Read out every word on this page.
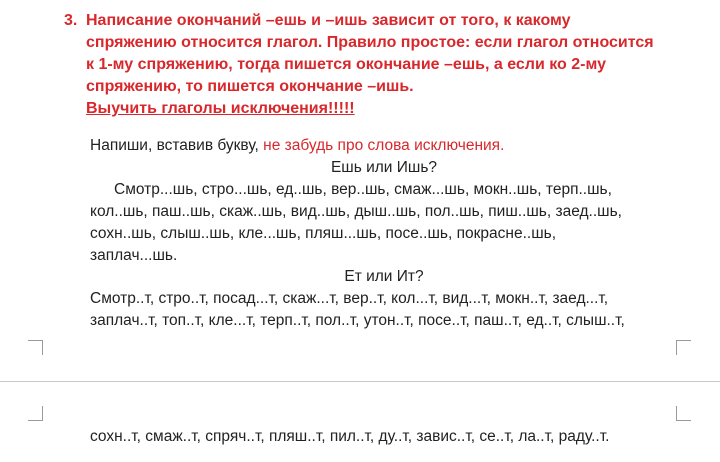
3. Написание окончаний –ешь и –ишь зависит от того, к какому
спряжению относится глагол. Правило простое: если глагол относится
к 1-му спряжению, тогда пишется окончание –ешь, а если ко 2-му
спряжению, то пишется окончание –ишь.
Выучить глаголы исключения!!!!!
Напиши, вставив букву, не забудь про слова исключения.
Ешь или Ишь?
Смотр...шь, стро...шь, ед..шь, вер..шь, смаж...шь, мокн..шь, терп..шь,
кол..шь, паш..шь, скаж..шь, вид..шь, дыш..шь, пол..шь, пиш..шь, заед..шь,
сохн..шь, слыш..шь, кле...шь, пляш...шь, посе..шь, покрасне..шь,
заплач...шь.
Ет или Ит?
Смотр..т, стро..т, посад...т, скаж...т, вер..т, кол...т, вид...т, мокн..т, заед...т,
заплач..т, топ..т, кле...т, терп..т, пол..т, утон..т, посе..т, паш..т, ед..т, слыш..т,
сохн..т, смаж..т, спряч..т, пляш..т, пил..т, ду..т, завис..т, се..т, ла..т, раду..т.
